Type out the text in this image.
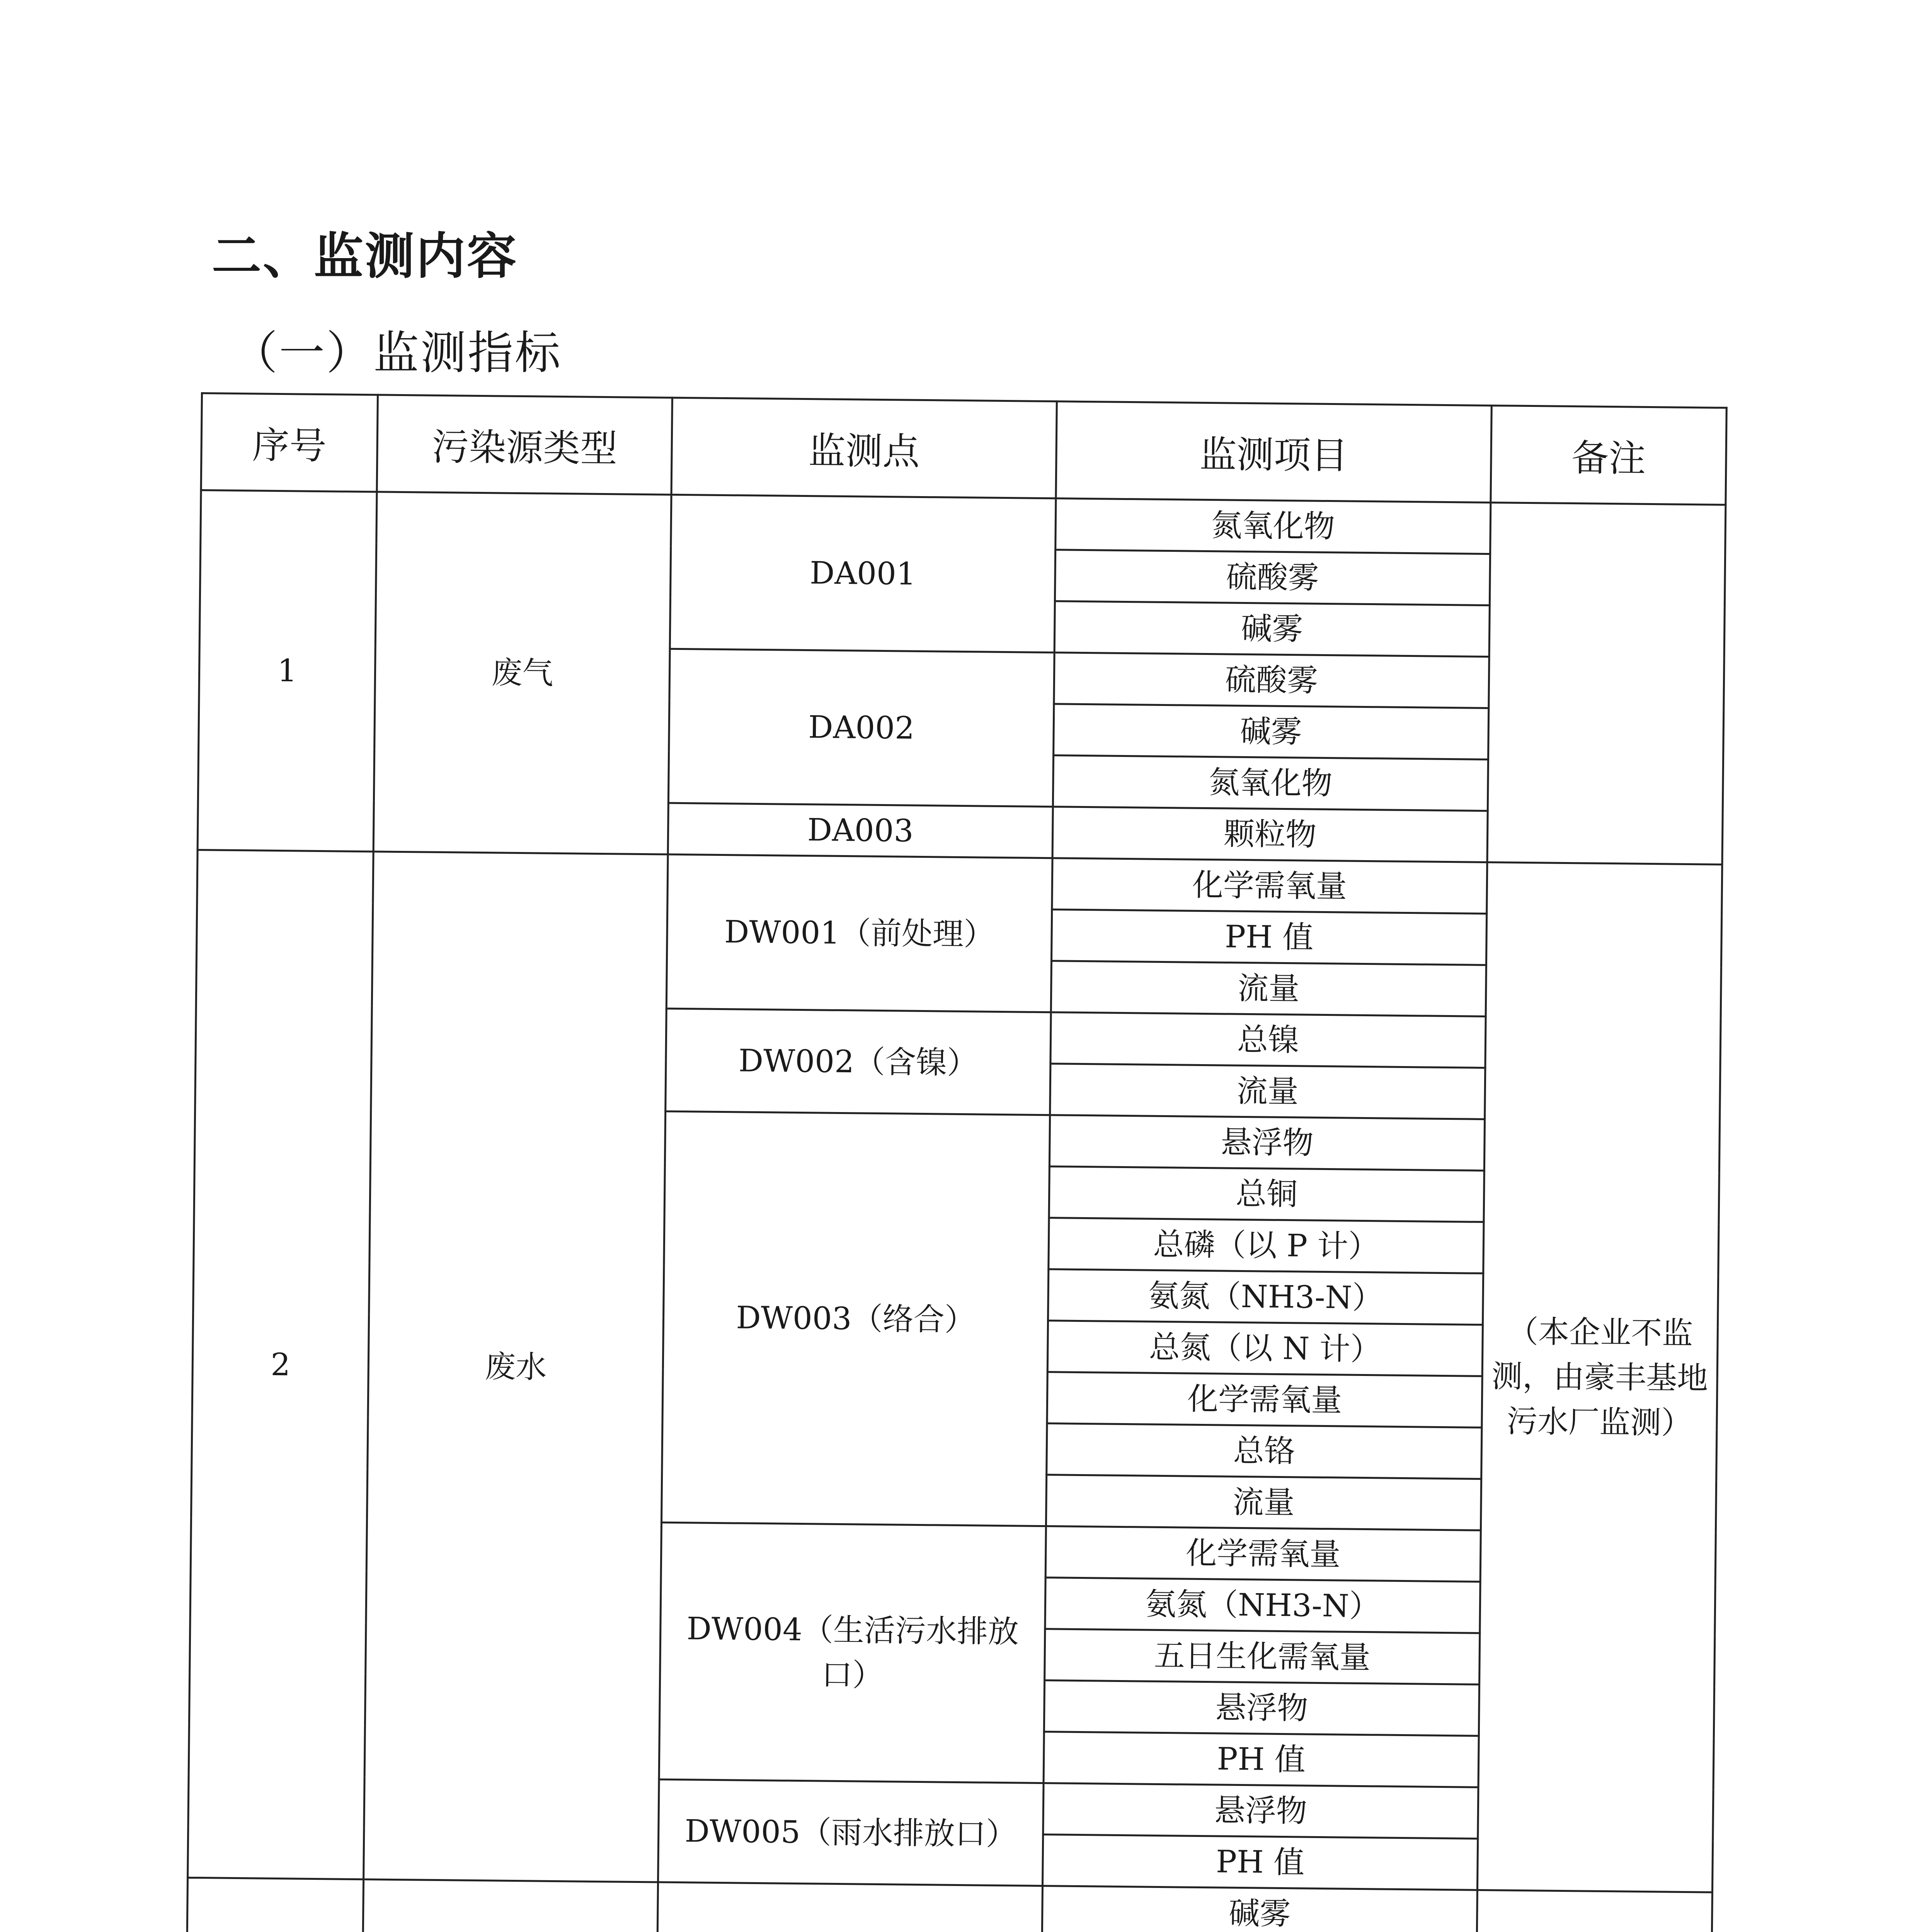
二、监测内容
（一）监测指标
序号	污染源类型	监测点	监测项目	备注
1	废气	DA001	氮氧化物	
			硫酸雾	
			碱雾	
		DA002	硫酸雾	
			碱雾	
			氮氧化物	
		DA003	颗粒物	
2	废水	DW001（前处理）	化学需氧量	（本企业不监测，由豪丰基地污水厂监测）
			PH 值	
			流量	
		DW002（含镍）	总镍	
			流量	
		DW003（络合）	悬浮物	
			总铜	
			总磷（以 P 计）	
			氨氮（NH3-N）	
			总氮（以 N 计）	
			化学需氧量	
			总铬	
			流量	
		DW004（生活污水排放口）	化学需氧量	
			氨氮（NH3-N）	
			五日生化需氧量	
			悬浮物	
			PH 值	
		DW005（雨水排放口）	悬浮物	
			PH 值	
			碱雾	
